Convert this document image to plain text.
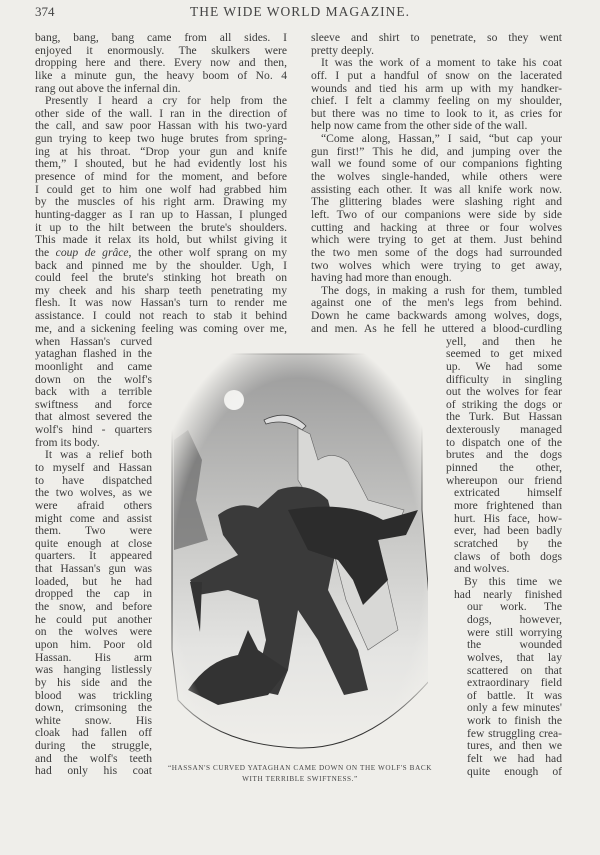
374	THE WIDE WORLD MAGAZINE.
bang, bang, bang came from all sides. I
enjoyed it enormously. The skulkers were
dropping here and there. Every now and then,
like a minute gun, the heavy boom of No. 4
rang out above the infernal din.
Presently I heard a cry for help from the
other side of the wall. I ran in the direction of
the call, and saw poor Hassan with his two-yard
gun trying to keep two huge brutes from spring-
ing at his throat. “Drop your gun and knife
them,” I shouted, but he had evidently lost his
presence of mind for the moment, and before
I could get to him one wolf had grabbed him
by the muscles of his right arm. Drawing my
hunting-dagger as I ran up to Hassan, I plunged
it up to the hilt between the brute's shoulders.
This made it relax its hold, but whilst giving it
the coup de grâce, the other wolf sprang on my
back and pinned me by the shoulder. Ugh, I
could feel the brute's stinking hot breath on
my cheek and his sharp teeth penetrating my
flesh. It was now Hassan's turn to render me
assistance. I could not reach to stab it behind
me, and a sickening feeling was coming over me,
when Hassan's curved
yataghan flashed in the
moonlight and came
down on the wolf's
back with a terrible
swiftness and force
that almost severed the
wolf's hind - quarters
from its body.
It was a relief both
to myself and Hassan
to have dispatched
the two wolves, as we
were afraid others
might come and assist
them. Two were
quite enough at close
quarters. It appeared
that Hassan's gun was
loaded, but he had
dropped the cap in
the snow, and before
he could put another
on the wolves were
upon him. Poor old
Hassan. His arm
was hanging listlessly
by his side and the
blood was trickling
down, crimsoning the
white snow. His
cloak had fallen off
during the struggle,
and the wolf's teeth
had only his coat
sleeve and shirt to penetrate, so they went
pretty deeply.
It was the work of a moment to take his coat
off. I put a handful of snow on the lacerated
wounds and tied his arm up with my handker-
chief. I felt a clammy feeling on my shoulder,
but there was no time to look to it, as cries for
help now came from the other side of the wall.
“Come along, Hassan,” I said, “but cap your
gun first!” This he did, and jumping over the
wall we found some of our companions fighting
the wolves single-handed, while others were
assisting each other. It was all knife work now.
The glittering blades were slashing right and
left. Two of our companions were side by side
cutting and hacking at three or four wolves
which were trying to get at them. Just behind
the two men some of the dogs had surrounded
two wolves which were trying to get away,
having had more than enough.
The dogs, in making a rush for them, tumbled
against one of the men's legs from behind.
Down he came backwards among wolves, dogs,
and men. As he fell he uttered a blood-curdling
yell, and then he
seemed to get mixed
up. We had some
difficulty in singling
out the wolves for fear
of striking the dogs or
the Turk. But Hassan
dexterously managed
to dispatch one of the
brutes and the dogs
pinned the other,
whereupon our friend
extricated himself
more frightened than
hurt. His face, how-
ever, had been badly
scratched by the
claws of both dogs
and wolves.
By this time we
had nearly finished
our work. The
dogs, however,
were still worrying
the wounded
wolves, that lay
scattered on that
extraordinary field
of battle. It was
only a few minutes'
work to finish the
few struggling crea-
tures, and then we
felt we had had
quite enough of
“HASSAN'S CURVED YATAGHAN CAME DOWN ON THE WOLF'S BACK
WITH TERRIBLE SWIFTNESS.”
